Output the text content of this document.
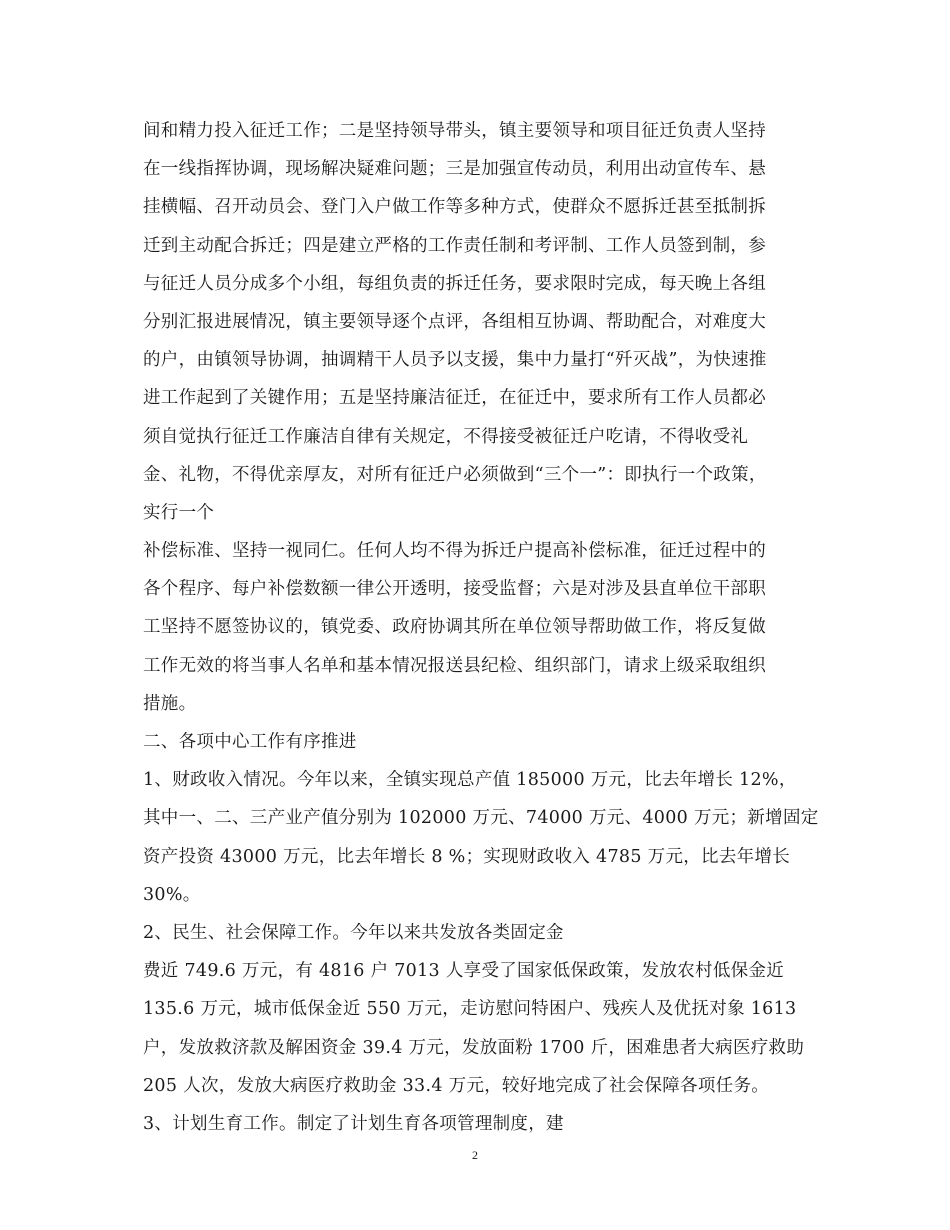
间和精力投入征迁工作；二是坚持领导带头，镇主要领导和项目征迁负责人坚持
在一线指挥协调，现场解决疑难问题；三是加强宣传动员，利用出动宣传车、悬
挂横幅、召开动员会、登门入户做工作等多种方式，使群众不愿拆迁甚至抵制拆
迁到主动配合拆迁；四是建立严格的工作责任制和考评制、工作人员签到制，参
与征迁人员分成多个小组，每组负责的拆迁任务，要求限时完成，每天晚上各组
分别汇报进展情况，镇主要领导逐个点评，各组相互协调、帮助配合，对难度大
的户，由镇领导协调，抽调精干人员予以支援，集中力量打“歼灭战”，为快速推
进工作起到了关键作用；五是坚持廉洁征迁，在征迁中，要求所有工作人员都必
须自觉执行征迁工作廉洁自律有关规定，不得接受被征迁户吃请，不得收受礼
金、礼物，不得优亲厚友，对所有征迁户必须做到“三个一”：即执行一个政策，
实行一个
补偿标准、坚持一视同仁。任何人均不得为拆迁户提高补偿标准，征迁过程中的
各个程序、每户补偿数额一律公开透明，接受监督；六是对涉及县直单位干部职
工坚持不愿签协议的，镇党委、政府协调其所在单位领导帮助做工作，将反复做
工作无效的将当事人名单和基本情况报送县纪检、组织部门，请求上级采取组织
措施。
二、各项中心工作有序推进
1、财政收入情况。今年以来，全镇实现总产值 185000 万元，比去年增长 12%，
其中一、二、三产业产值分别为 102000 万元、74000 万元、4000 万元；新增固定
资产投资 43000 万元，比去年增长 8 %；实现财政收入 4785 万元，比去年增长
30%。
2、民生、社会保障工作。今年以来共发放各类固定金
费近 749.6 万元，有 4816 户 7013 人享受了国家低保政策，发放农村低保金近
135.6 万元，城市低保金近 550 万元，走访慰问特困户、残疾人及优抚对象 1613
户，发放救济款及解困资金 39.4 万元，发放面粉 1700 斤，困难患者大病医疗救助
205 人次，发放大病医疗救助金 33.4 万元，较好地完成了社会保障各项任务。
3、计划生育工作。制定了计划生育各项管理制度，建
2
